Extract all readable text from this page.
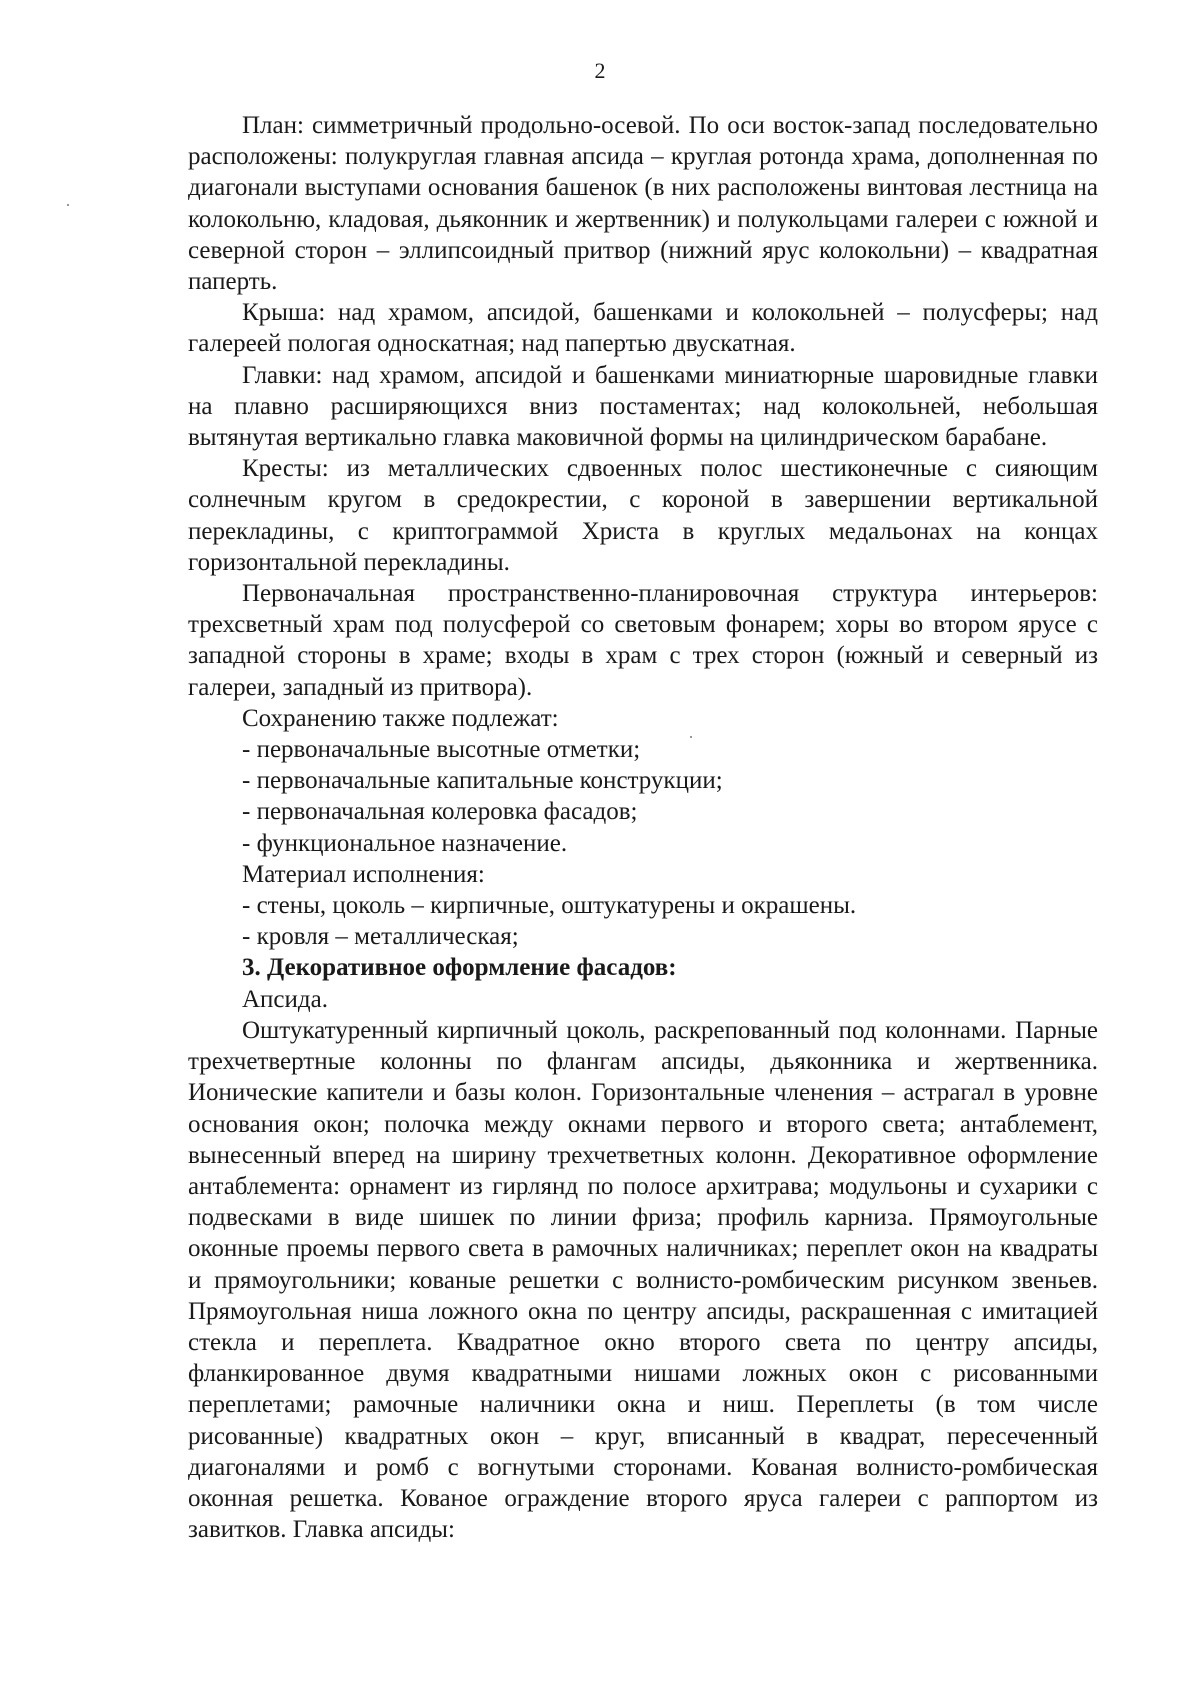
2

План: симметричный продольно-осевой. По оси восток-запад последовательно расположены: полукруглая главная апсида – круглая ротонда храма, дополненная по диагонали выступами основания башенок (в них расположены винтовая лестница на колокольню, кладовая, дьяконник и жертвенник) и полукольцами галереи с южной и северной сторон – эллипсоидный притвор (нижний ярус колокольни) – квадратная паперть.

Крыша: над храмом, апсидой, башенками и колокольней – полусферы; над галереей пологая односкатная; над папертью двускатная.

Главки: над храмом, апсидой и башенками миниатюрные шаровидные главки на плавно расширяющихся вниз постаментах; над колокольней, небольшая вытянутая вертикально главка маковичной формы на цилиндрическом барабане.

Кресты: из металлических сдвоенных полос шестиконечные с сияющим солнечным кругом в средокрестии, с короной в завершении вертикальной перекладины, с криптограммой Христа в круглых медальонах на концах горизонтальной перекладины.

Первоначальная пространственно-планировочная структура интерьеров: трехсветный храм под полусферой со световым фонарем; хоры во втором ярусе с западной стороны в храме; входы в храм с трех сторон (южный и северный из галереи, западный из притвора).

Сохранению также подлежат:
- первоначальные высотные отметки;
- первоначальные капитальные конструкции;
- первоначальная колеровка фасадов;
- функциональное назначение.
Материал исполнения:
- стены, цоколь – кирпичные, оштукатурены и окрашены.
- кровля – металлическая;
3. Декоративное оформление фасадов:
Апсида.

Оштукатуренный кирпичный цоколь, раскрепованный под колоннами. Парные трехчетвертные колонны по флангам апсиды, дьяконника и жертвенника. Ионические капители и базы колон. Горизонтальные членения – астрагал в уровне основания окон; полочка между окнами первого и второго света; антаблемент, вынесенный вперед на ширину трехчетветных колонн. Декоративное оформление антаблемента: орнамент из гирлянд по полосе архитрава; модульоны и сухарики с подвесками в виде шишек по линии фриза; профиль карниза. Прямоугольные оконные проемы первого света в рамочных наличниках; переплет окон на квадраты и прямоугольники; кованые решетки с волнисто-ромбическим рисунком звеньев. Прямоугольная ниша ложного окна по центру апсиды, раскрашенная с имитацией стекла и переплета. Квадратное окно второго света по центру апсиды, фланкированное двумя квадратными нишами ложных окон с рисованными переплетами; рамочные наличники окна и ниш. Переплеты (в том числе рисованные) квадратных окон – круг, вписанный в квадрат, пересеченный диагоналями и ромб с вогнутыми сторонами. Кованая волнисто-ромбическая оконная решетка. Кованое ограждение второго яруса галереи с раппортом из завитков. Главка апсиды:
